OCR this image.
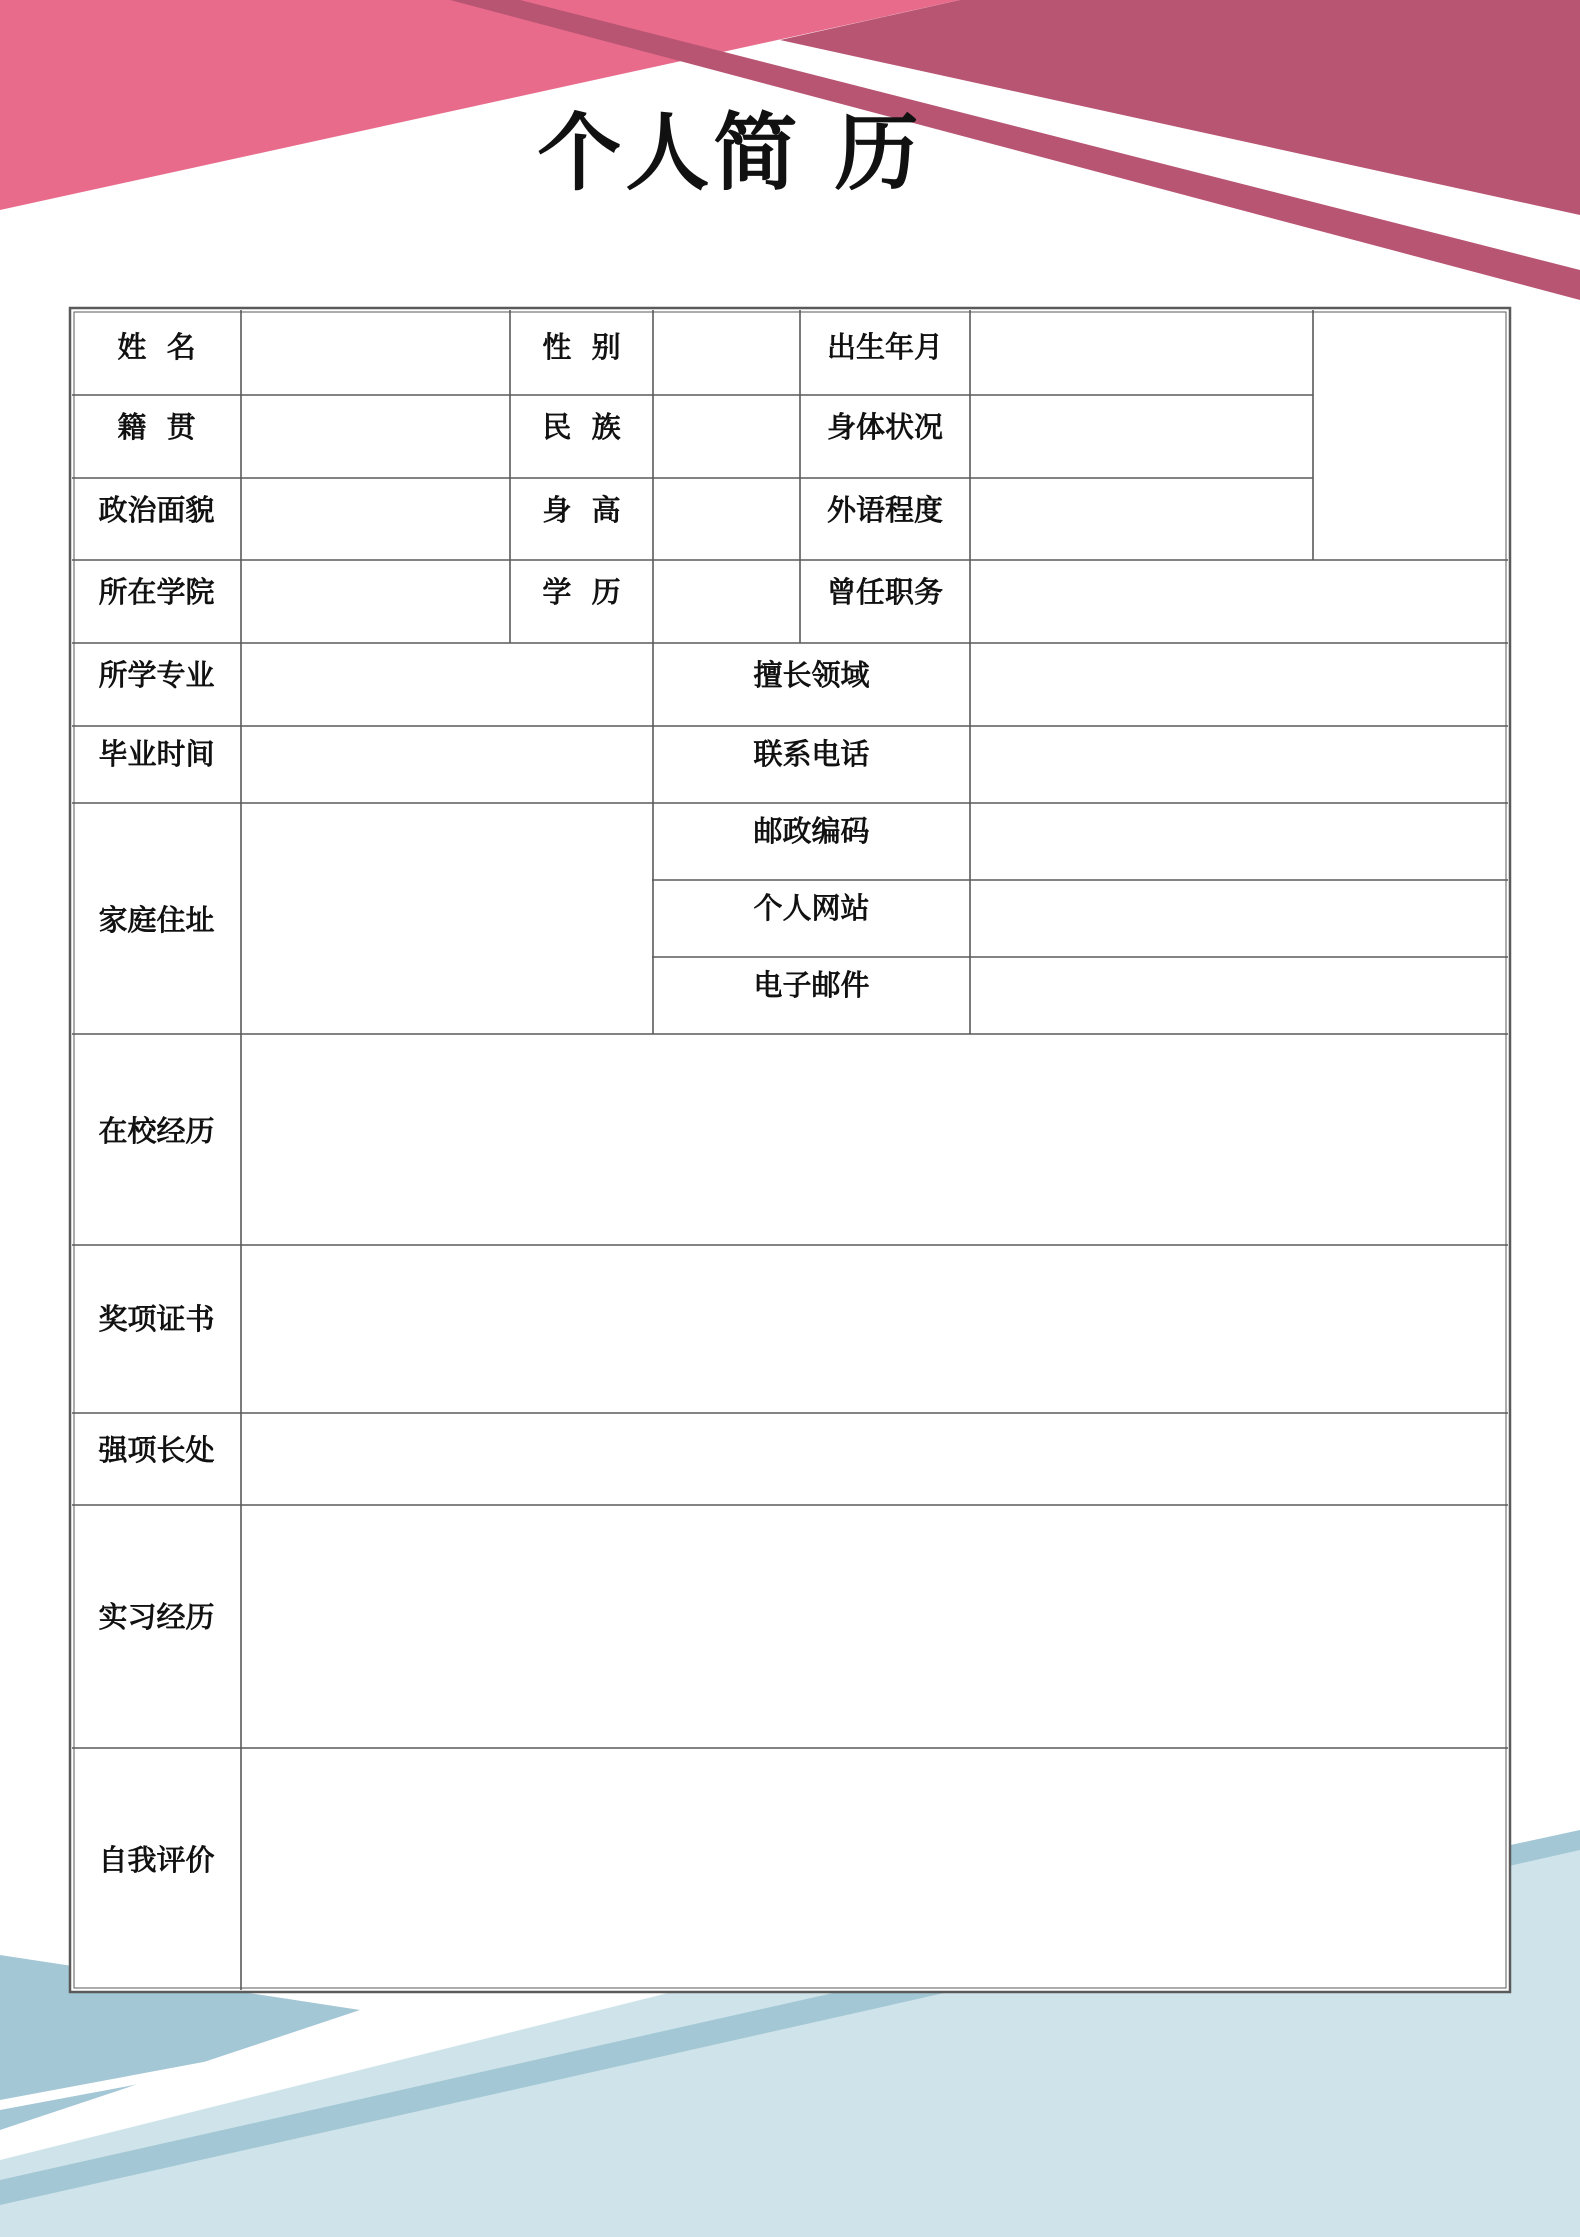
个人简 历
姓  名	性  别	出生年月
籍  贯	民  族	身体状况
政治面貌	身  高	外语程度
所在学院	学  历	曾任职务
所学专业	擅长领域
毕业时间	联系电话
家庭住址
邮政编码
个人网站
电子邮件
在校经历
奖项证书
强项长处
实习经历
自我评价
